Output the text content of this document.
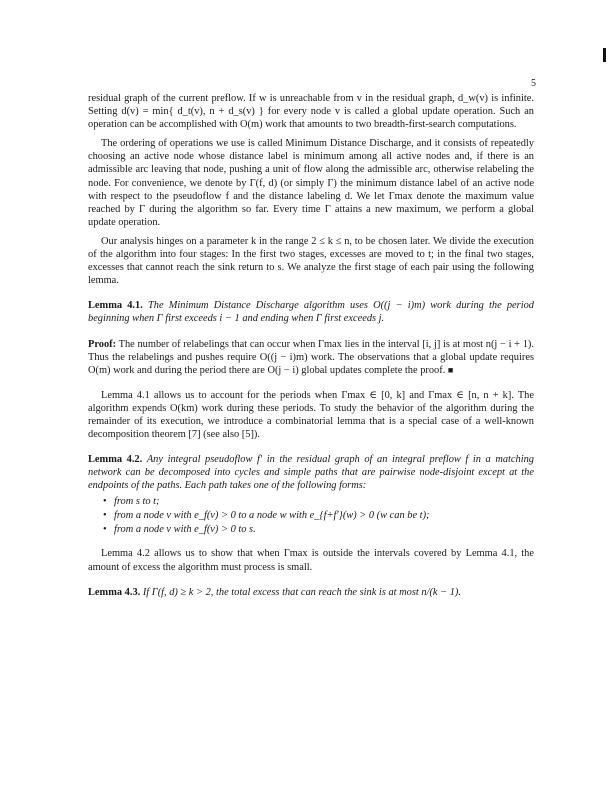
5

residual graph of the current preflow. If w is unreachable from v in the residual graph, d_w(v) is infinite. Setting d(v) = min{ d_t(v), n + d_s(v) } for every node v is called a global update operation. Such an operation can be accomplished with O(m) work that amounts to two breadth-first-search computations.

The ordering of operations we use is called Minimum Distance Discharge, and it consists of repeatedly choosing an active node whose distance label is minimum among all active nodes and, if there is an admissible arc leaving that node, pushing a unit of flow along the admissible arc, otherwise relabeling the node. For convenience, we denote by Γ(f, d) (or simply Γ) the minimum distance label of an active node with respect to the pseudoflow f and the distance labeling d. We let Γmax denote the maximum value reached by Γ during the algorithm so far. Every time Γ attains a new maximum, we perform a global update operation.

Our analysis hinges on a parameter k in the range 2 ≤ k ≤ n, to be chosen later. We divide the execution of the algorithm into four stages: In the first two stages, excesses are moved to t; in the final two stages, excesses that cannot reach the sink return to s. We analyze the first stage of each pair using the following lemma.

Lemma 4.1. The Minimum Distance Discharge algorithm uses O((j − i)m) work during the period beginning when Γ first exceeds i − 1 and ending when Γ first exceeds j.
Proof: The number of relabelings that can occur when Γmax lies in the interval [i, j] is at most n(j − i + 1). Thus the relabelings and pushes require O((j − i)m) work. The observations that a global update requires O(m) work and during the period there are O(j − i) global updates complete the proof. ■

Lemma 4.1 allows us to account for the periods when Γmax ∈ [0, k] and Γmax ∈ [n, n + k]. The algorithm expends O(km) work during these periods. To study the behavior of the algorithm during the remainder of its execution, we introduce a combinatorial lemma that is a special case of a well-known decomposition theorem [7] (see also [5]).

Lemma 4.2. Any integral pseudoflow f′ in the residual graph of an integral preflow f in a matching network can be decomposed into cycles and simple paths that are pairwise node-disjoint except at the endpoints of the paths. Each path takes one of the following forms:
• from s to t;
• from a node v with e_f(v) > 0 to a node w with e_{f+f′}(w) > 0 (w can be t);
• from a node v with e_f(v) > 0 to s.

Lemma 4.2 allows us to show that when Γmax is outside the intervals covered by Lemma 4.1, the amount of excess the algorithm must process is small.

Lemma 4.3. If Γ(f, d) ≥ k > 2, the total excess that can reach the sink is at most n/(k − 1).
